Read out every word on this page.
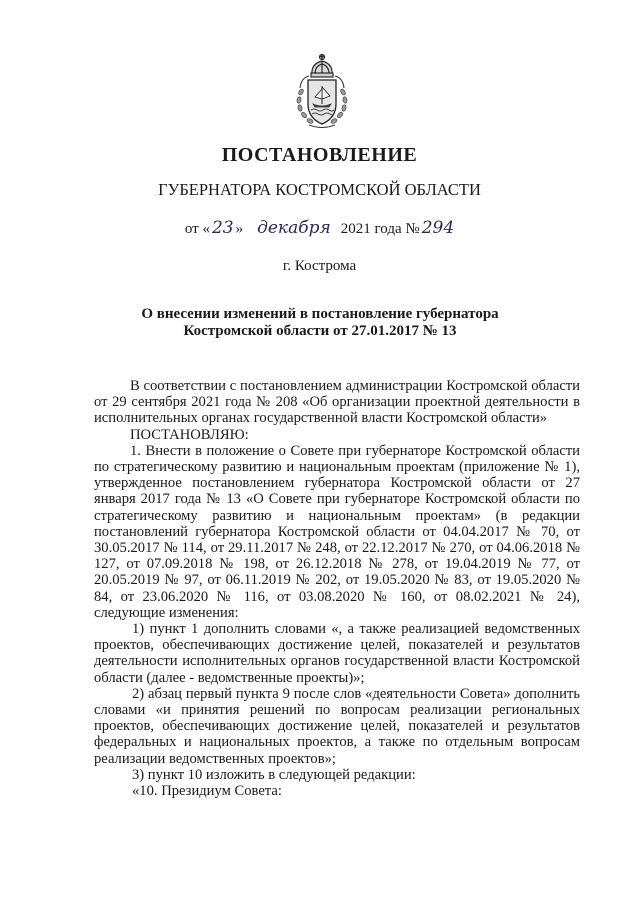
ПОСТАНОВЛЕНИЕ
ГУБЕРНАТОРА КОСТРОМСКОЙ ОБЛАСТИ
от « 23 » декабря 2021 года № 294
г. Кострома
О внесении изменений в постановление губернатора
Костромской области от 27.01.2017 № 13

В соответствии с постановлением администрации Костромской области от 29 сентября 2021 года № 208 «Об организации проектной деятельности в исполнительных органах государственной власти Костромской области»

ПОСТАНОВЛЯЮ:

1. Внести в положение о Совете при губернаторе Костромской области по стратегическому развитию и национальным проектам (приложение № 1), утвержденное постановлением губернатора Костромской области от 27 января 2017 года № 13 «О Совете при губернаторе Костромской области по стратегическому развитию и национальным проектам» (в редакции постановлений губернатора Костромской области от 04.04.2017 № 70, от 30.05.2017 № 114, от 29.11.2017 № 248, от 22.12.2017 № 270, от 04.06.2018 № 127, от 07.09.2018 № 198, от 26.12.2018 № 278, от 19.04.2019 № 77, от 20.05.2019 № 97, от 06.11.2019 № 202, от 19.05.2020 № 83, от 19.05.2020 № 84, от 23.06.2020 № 116, от 03.08.2020 № 160, от 08.02.2021 № 24), следующие изменения:

1) пункт 1 дополнить словами «, а также реализацией ведомственных проектов, обеспечивающих достижение целей, показателей и результатов деятельности исполнительных органов государственной власти Костромской области (далее - ведомственные проекты)»;

2) абзац первый пункта 9 после слов «деятельности Совета» дополнить словами «и принятия решений по вопросам реализации региональных проектов, обеспечивающих достижение целей, показателей и результатов федеральных и национальных проектов, а также по отдельным вопросам реализации ведомственных проектов»;

3) пункт 10 изложить в следующей редакции:

«10. Президиум Совета:
